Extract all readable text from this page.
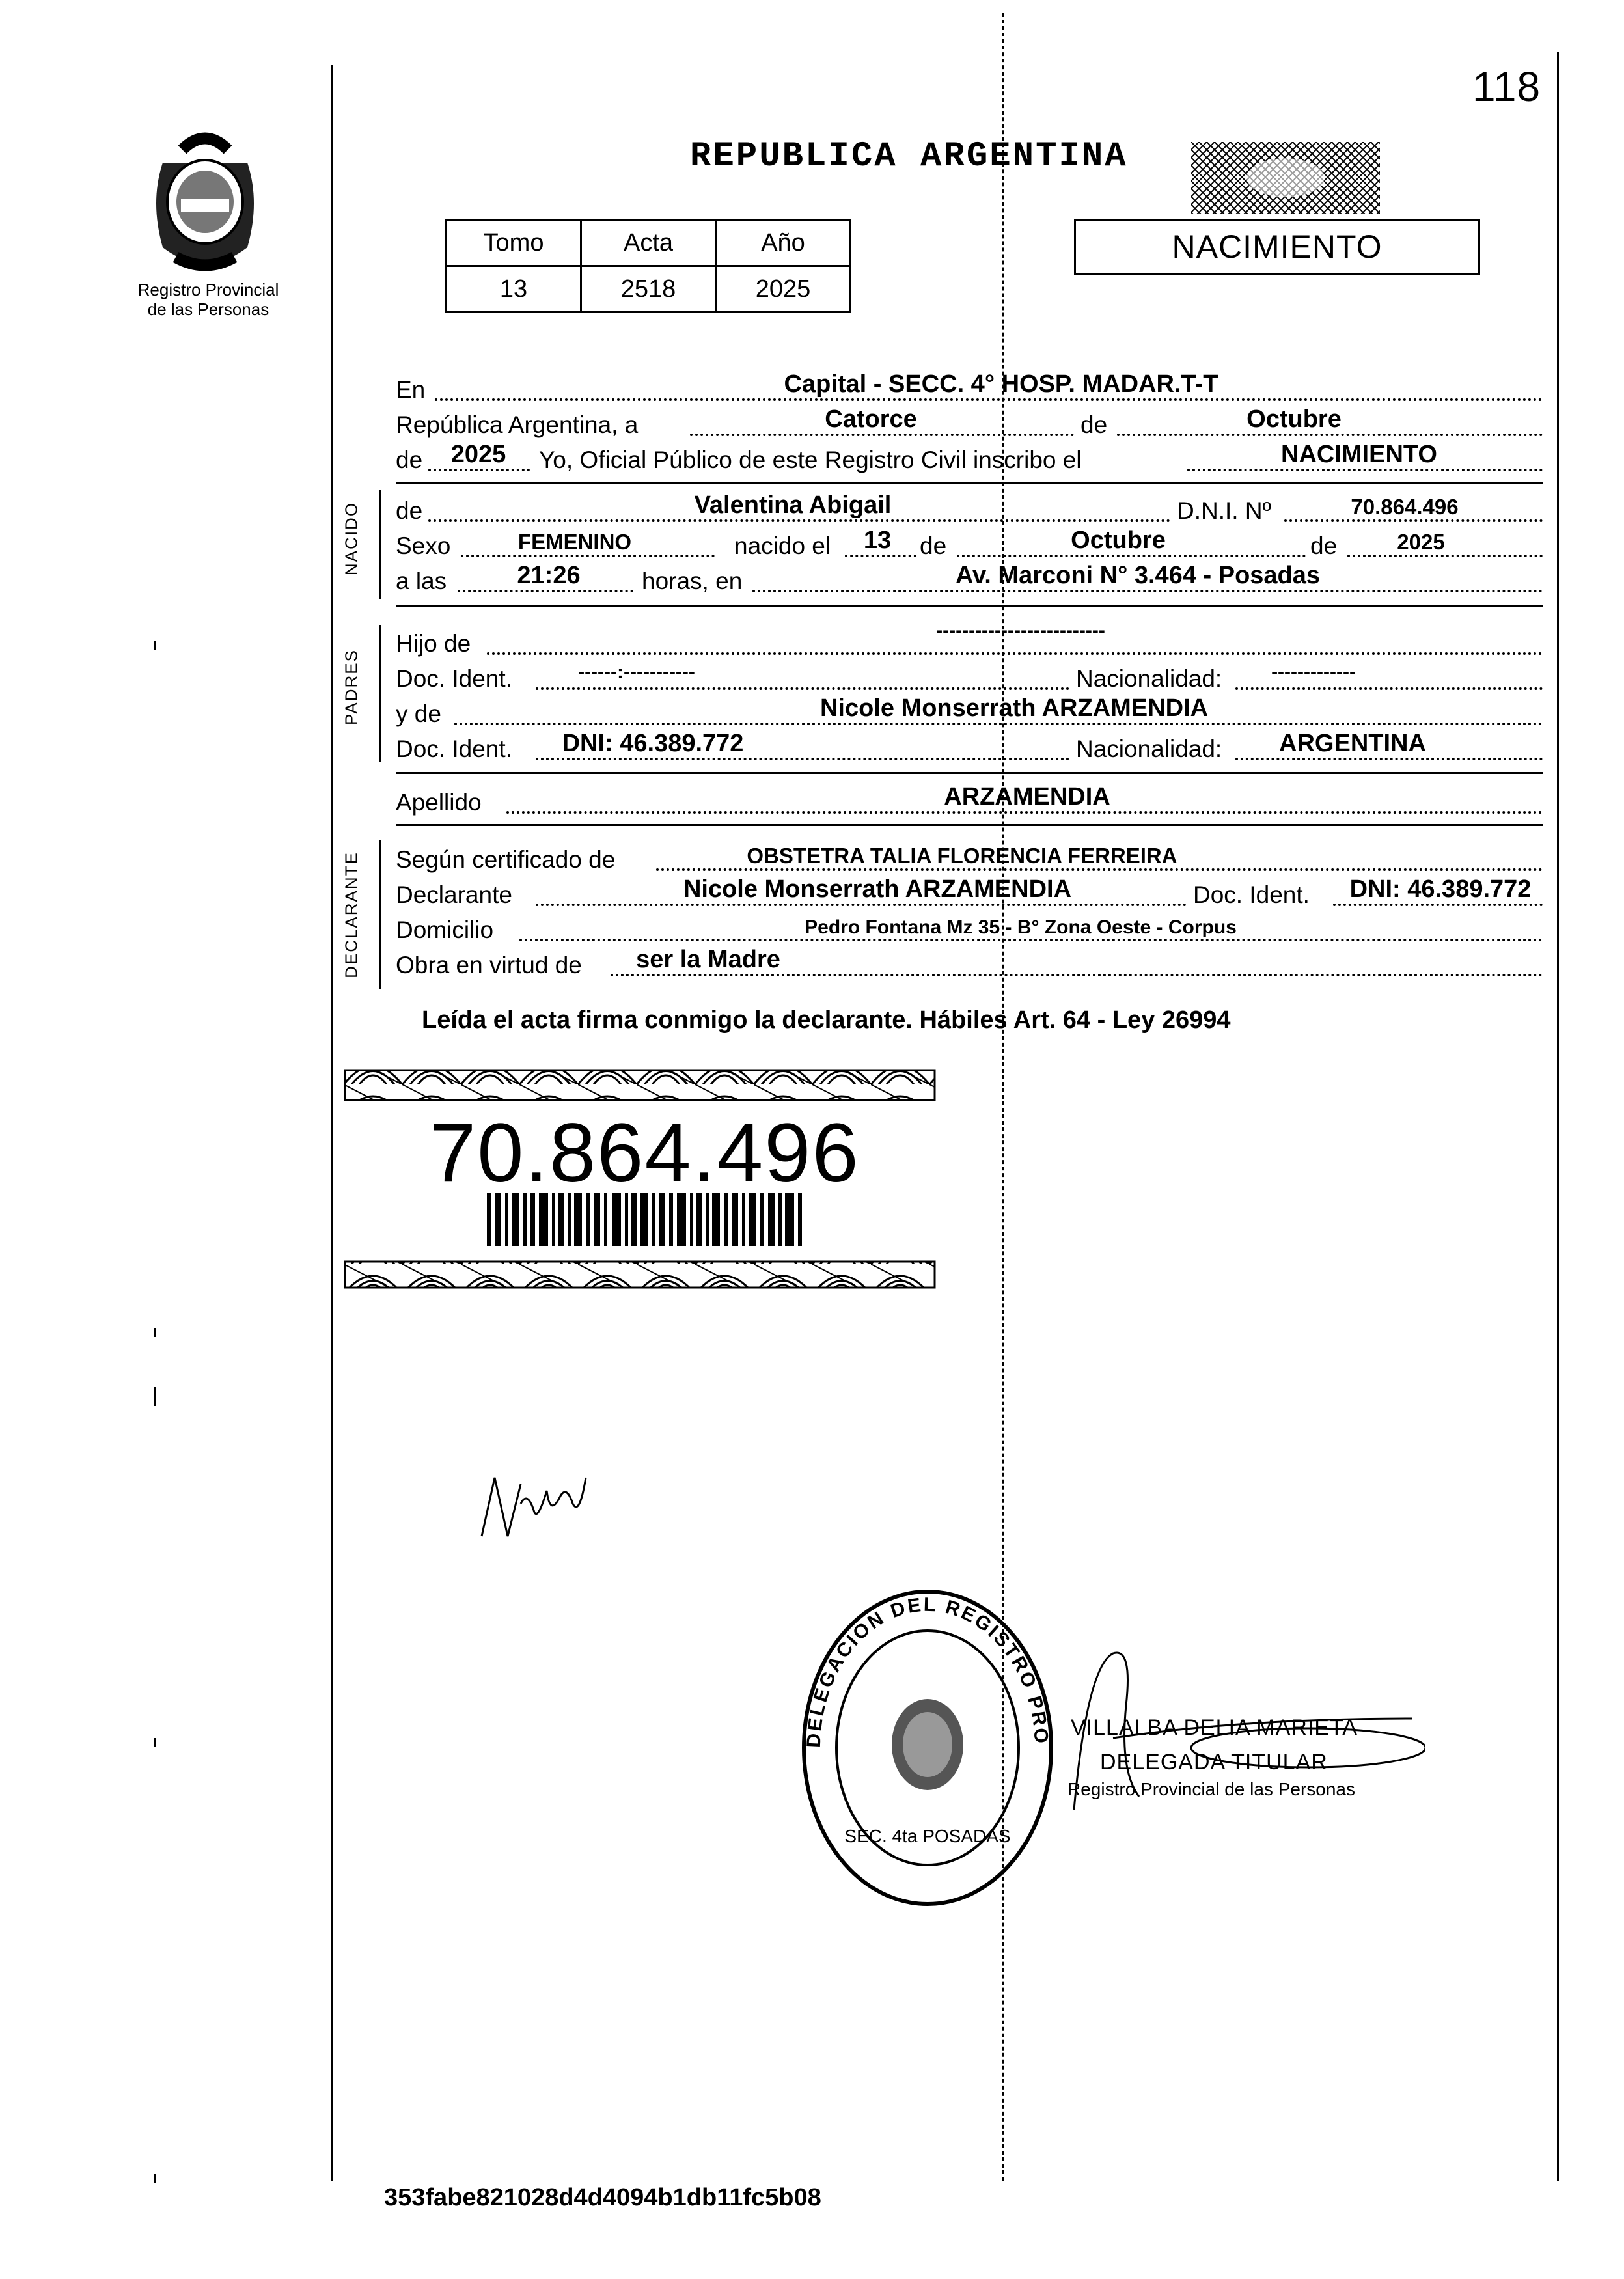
118
Registro Provincial
de las Personas
REPUBLICA ARGENTINA
Tomo	Acta	Año
13	2518	2025
NACIMIENTO
En	Capital - SECC. 4° HOSP. MADAR.T-T
República Argentina, a	Catorce	de	Octubre
de	2025	Yo, Oficial Público de este Registro Civil inscribo el	NACIMIENTO
NACIDO de	Valentina Abigail	D.N.I. Nº	70.864.496
Sexo	FEMENINO	nacido el	13	de	Octubre	de	2025
a las	21:26	horas, en	Av. Marconi N° 3.464 - Posadas
PADRES
Hijo de	--------------------------
Doc. Ident.	------:-----------	Nacionalidad:	-------------
y de	Nicole Monserrath ARZAMENDIA
Doc. Ident.	DNI: 46.389.772	Nacionalidad:	ARGENTINA
Apellido	ARZAMENDIA
DECLARANTE Según certificado de	OBSTETRA TALIA FLORENCIA FERREIRA
Declarante	Nicole Monserrath ARZAMENDIA	Doc. Ident.	DNI: 46.389.772
Domicilio	Pedro Fontana Mz 35 - B° Zona Oeste - Corpus
Obra en virtud de	ser la Madre
Leída el acta firma conmigo la declarante. Hábiles Art. 64 - Ley 26994
70.864.496
DELEGACION DEL REGISTRO PRO
SEC. 4ta POSADAS
VILLALBA DELIA MARIETA
DELEGADA TITULAR
Registro Provincial de las Personas
353fabe821028d4d4094b1db11fc5b08
